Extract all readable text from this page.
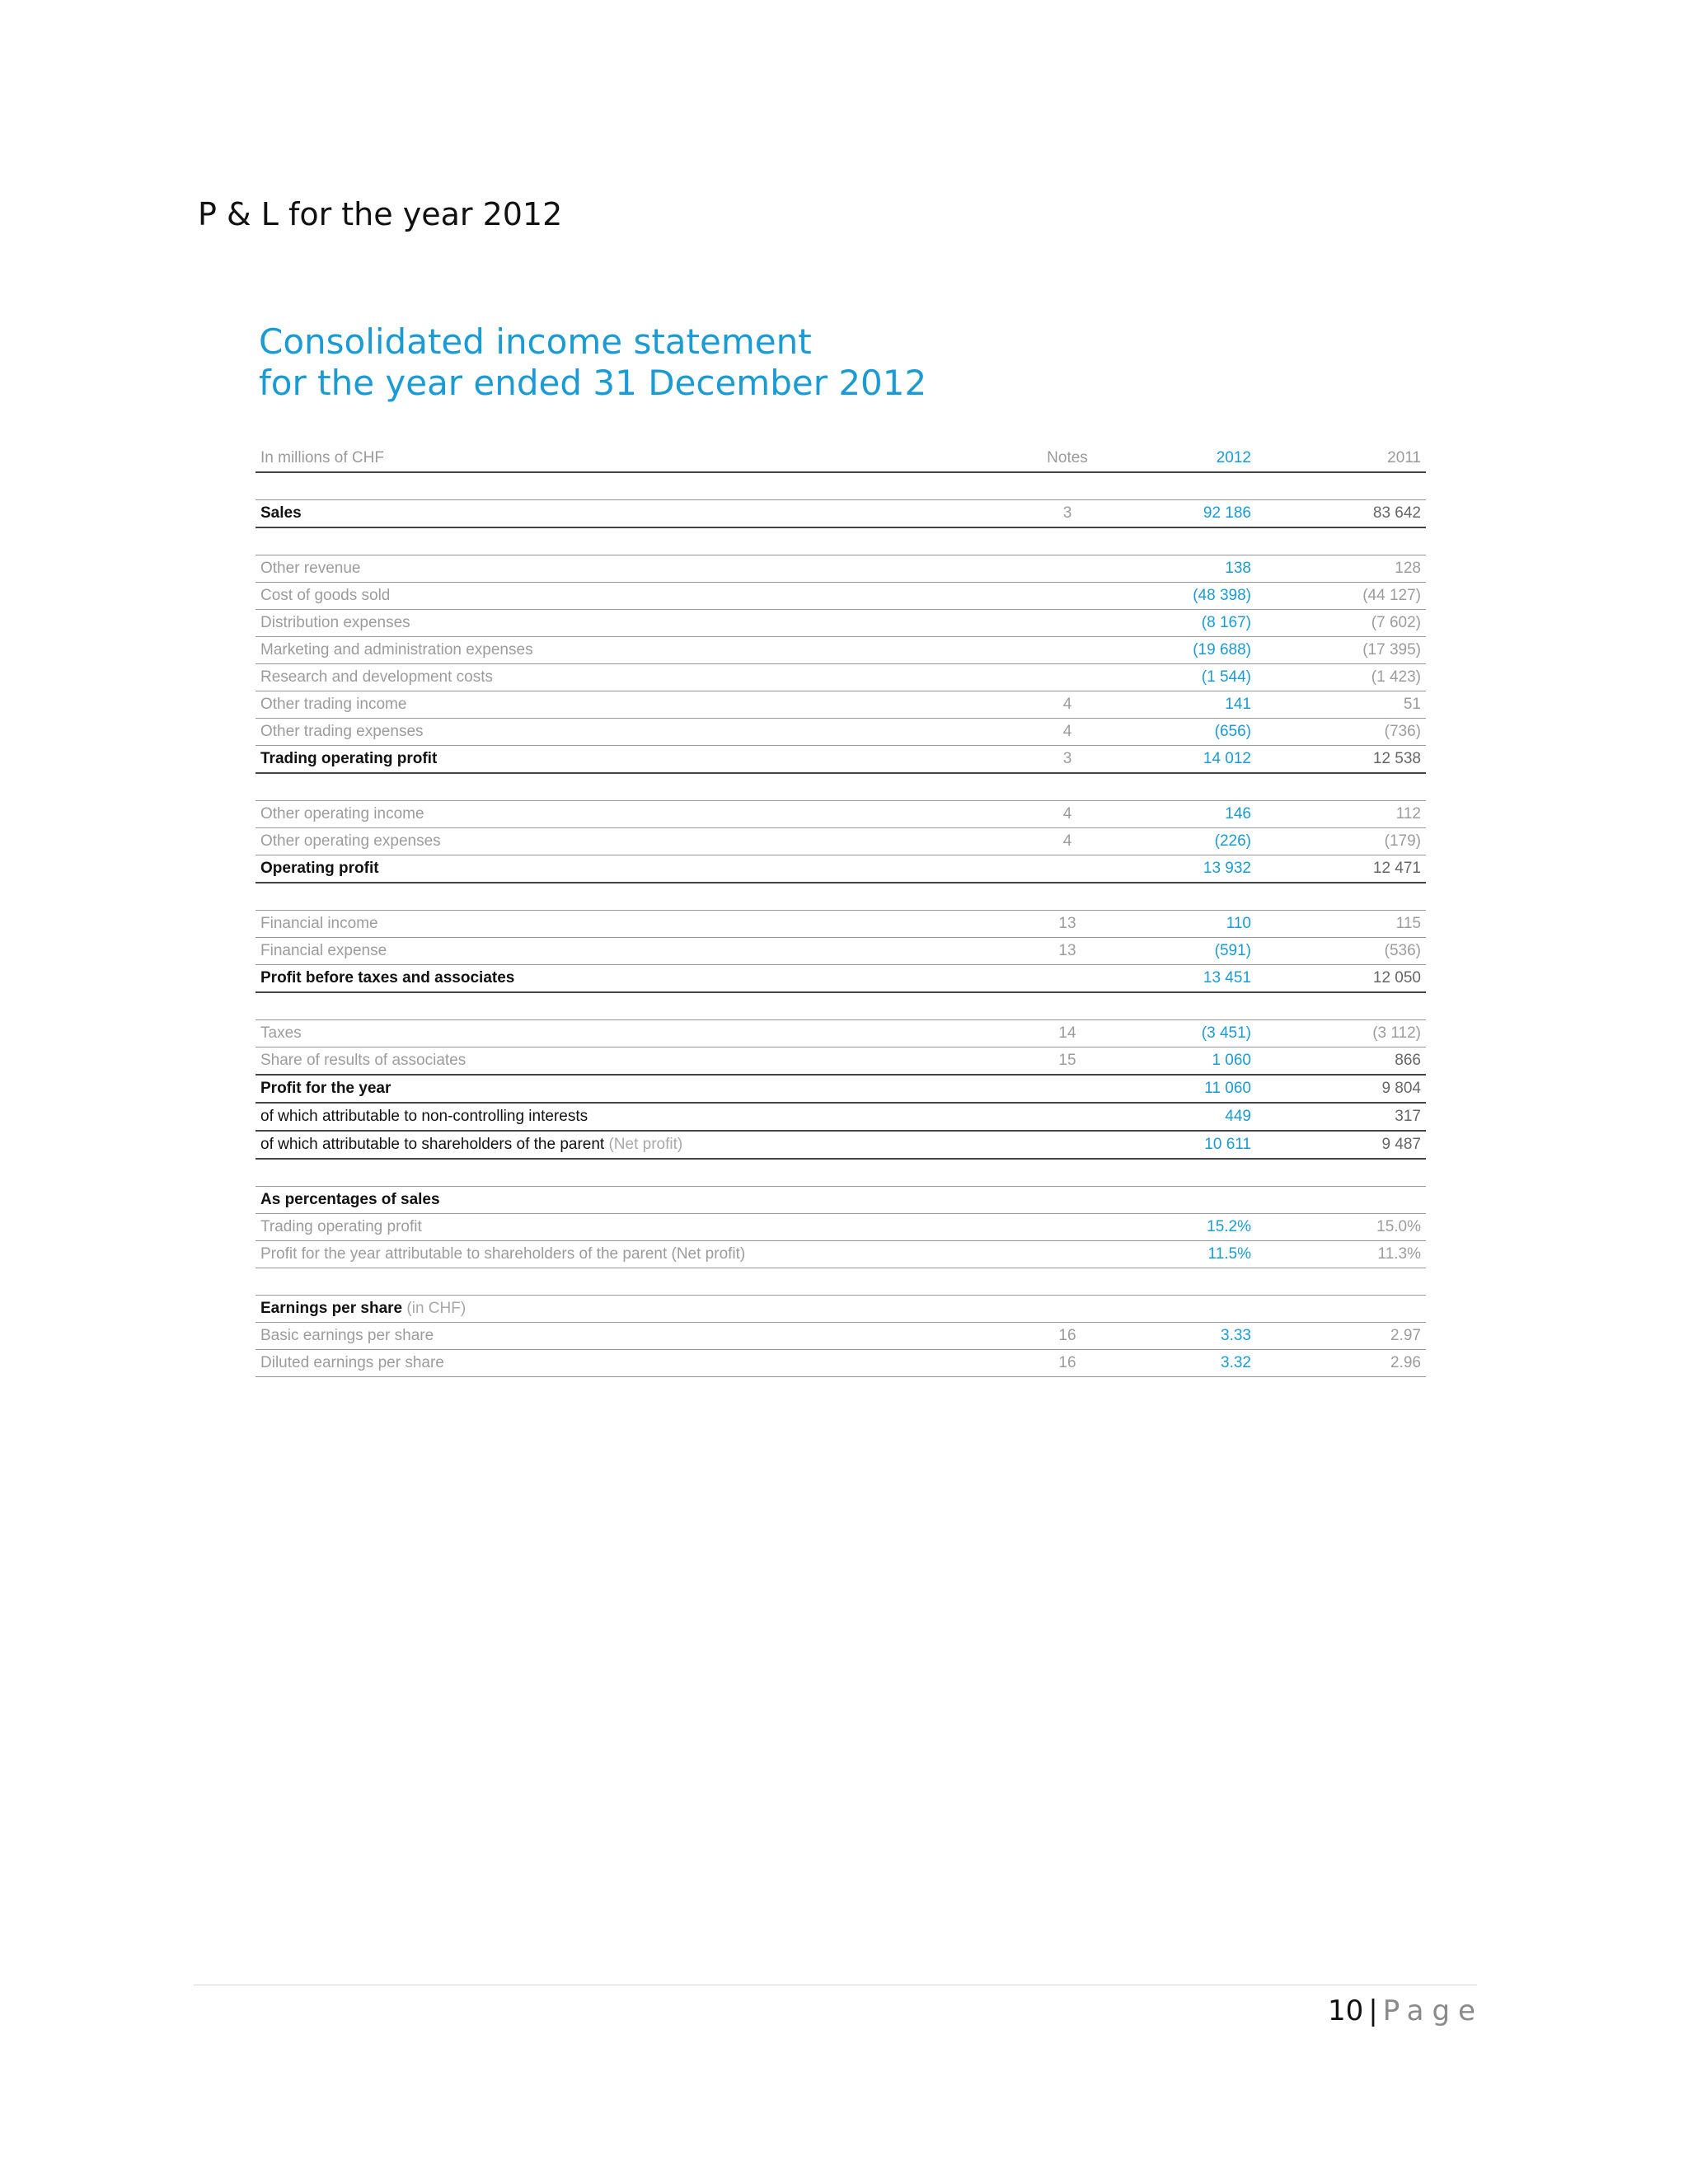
P & L for the year 2012
Consolidated income statement
for the year ended 31 December 2012
In millions of CHF	Notes	2012	2011

Sales	3	92 186	83 642

Other revenue		138	128
Cost of goods sold		(48 398)	(44 127)
Distribution expenses		(8 167)	(7 602)
Marketing and administration expenses		(19 688)	(17 395)
Research and development costs		(1 544)	(1 423)
Other trading income	4	141	51
Other trading expenses	4	(656)	(736)
Trading operating profit	3	14 012	12 538

Other operating income	4	146	112
Other operating expenses	4	(226)	(179)
Operating profit		13 932	12 471

Financial income	13	110	115
Financial expense	13	(591)	(536)
Profit before taxes and associates		13 451	12 050

Taxes	14	(3 451)	(3 112)
Share of results of associates	15	1 060	866
Profit for the year		11 060	9 804
of which attributable to non-controlling interests		449	317
of which attributable to shareholders of the parent (Net profit)		10 611	9 487

As percentages of sales			
Trading operating profit		15.2%	15.0%
Profit for the year attributable to shareholders of the parent (Net profit)		11.5%	11.3%

Earnings per share (in CHF)			
Basic earnings per share	16	3.33	2.97
Diluted earnings per share	16	3.32	2.96
10 | Page
